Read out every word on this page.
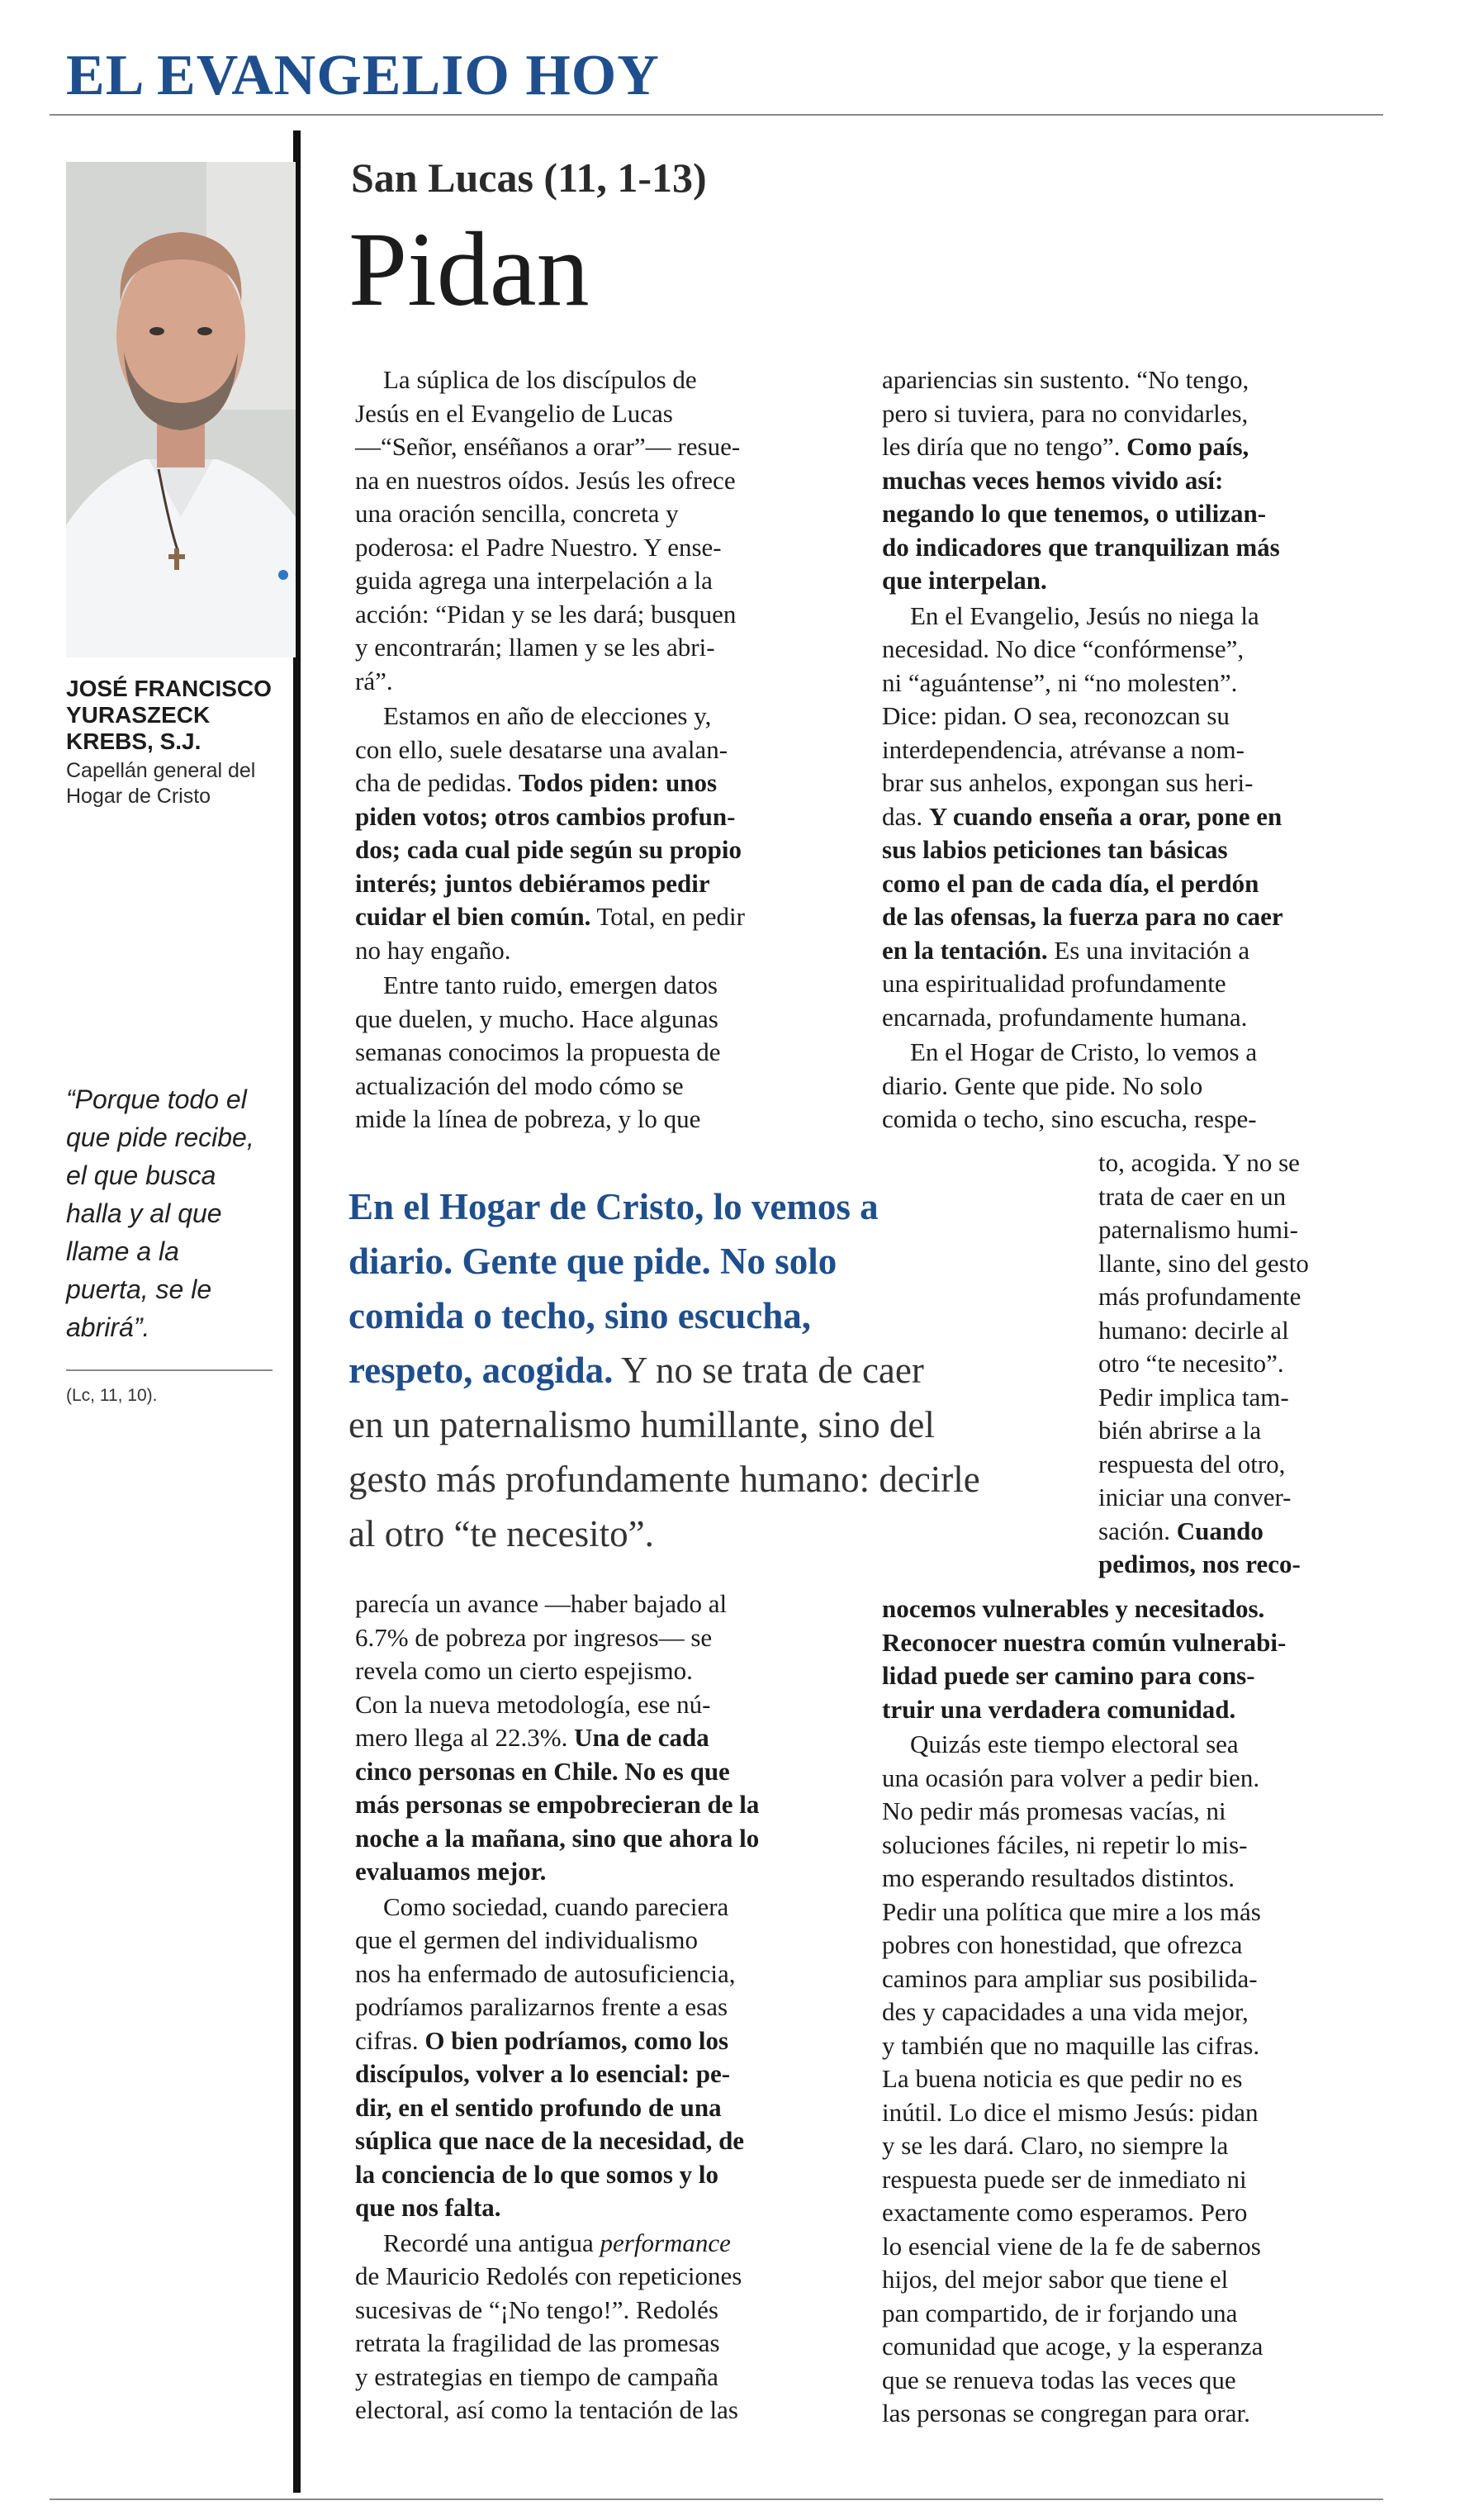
EL EVANGELIO HOY
JOSÉ FRANCISCO
YURASZECK
KREBS, S.J.
Capellán general del
Hogar de Cristo
“Porque todo el
que pide recibe,
el que busca
halla y al que
llame a la
puerta, se le
abrirá”.
(Lc, 11, 10).
San Lucas (11, 1-13)
Pidan

La súplica de los discípulos de
Jesús en el Evangelio de Lucas
—“Señor, enséñanos a orar”— resue-
na en nuestros oídos. Jesús les ofrece
una oración sencilla, concreta y
poderosa: el Padre Nuestro. Y ense-
guida agrega una interpelación a la
acción: “Pidan y se les dará; busquen
y encontrarán; llamen y se les abri-
rá”.

Estamos en año de elecciones y,
con ello, suele desatarse una avalan-
cha de pedidas. Todos piden: unos
piden votos; otros cambios profun-
dos; cada cual pide según su propio
interés; juntos debiéramos pedir
cuidar el bien común. Total, en pedir
no hay engaño.

Entre tanto ruido, emergen datos
que duelen, y mucho. Hace algunas
semanas conocimos la propuesta de
actualización del modo cómo se
mide la línea de pobreza, y lo que

apariencias sin sustento. “No tengo,
pero si tuviera, para no convidarles,
les diría que no tengo”. Como país,
muchas veces hemos vivido así:
negando lo que tenemos, o utilizan-
do indicadores que tranquilizan más
que interpelan.

En el Evangelio, Jesús no niega la
necesidad. No dice “confórmense”,
ni “aguántense”, ni “no molesten”.
Dice: pidan. O sea, reconozcan su
interdependencia, atrévanse a nom-
brar sus anhelos, expongan sus heri-
das. Y cuando enseña a orar, pone en
sus labios peticiones tan básicas
como el pan de cada día, el perdón
de las ofensas, la fuerza para no caer
en la tentación. Es una invitación a
una espiritualidad profundamente
encarnada, profundamente humana.

En el Hogar de Cristo, lo vemos a
diario. Gente que pide. No solo
comida o techo, sino escucha, respe-

to, acogida. Y no se
trata de caer en un
paternalismo humi-
llante, sino del gesto
más profundamente
humano: decirle al
otro “te necesito”.
Pedir implica tam-
bién abrirse a la
respuesta del otro,
iniciar una conver-
sación. Cuando
pedimos, nos reco-

parecía un avance —haber bajado al
6.7% de pobreza por ingresos— se
revela como un cierto espejismo.
Con la nueva metodología, ese nú-
mero llega al 22.3%. Una de cada
cinco personas en Chile. No es que
más personas se empobrecieran de la
noche a la mañana, sino que ahora lo
evaluamos mejor.

Como sociedad, cuando pareciera
que el germen del individualismo
nos ha enfermado de autosuficiencia,
podríamos paralizarnos frente a esas
cifras. O bien podríamos, como los
discípulos, volver a lo esencial: pe-
dir, en el sentido profundo de una
súplica que nace de la necesidad, de
la conciencia de lo que somos y lo
que nos falta.

Recordé una antigua performance
de Mauricio Redolés con repeticiones
sucesivas de “¡No tengo!”. Redolés
retrata la fragilidad de las promesas
y estrategias en tiempo de campaña
electoral, así como la tentación de las

nocemos vulnerables y necesitados.
Reconocer nuestra común vulnerabi-
lidad puede ser camino para cons-
truir una verdadera comunidad.

Quizás este tiempo electoral sea
una ocasión para volver a pedir bien.
No pedir más promesas vacías, ni
soluciones fáciles, ni repetir lo mis-
mo esperando resultados distintos.
Pedir una política que mire a los más
pobres con honestidad, que ofrezca
caminos para ampliar sus posibilida-
des y capacidades a una vida mejor,
y también que no maquille las cifras.
La buena noticia es que pedir no es
inútil. Lo dice el mismo Jesús: pidan
y se les dará. Claro, no siempre la
respuesta puede ser de inmediato ni
exactamente como esperamos. Pero
lo esencial viene de la fe de sabernos
hijos, del mejor sabor que tiene el
pan compartido, de ir forjando una
comunidad que acoge, y la esperanza
que se renueva todas las veces que
las personas se congregan para orar.

En el Hogar de Cristo, lo vemos a
diario. Gente que pide. No solo
comida o techo, sino escucha,
respeto, acogida. Y no se trata de caer
en un paternalismo humillante, sino del
gesto más profundamente humano: decirle
al otro “te necesito”.
